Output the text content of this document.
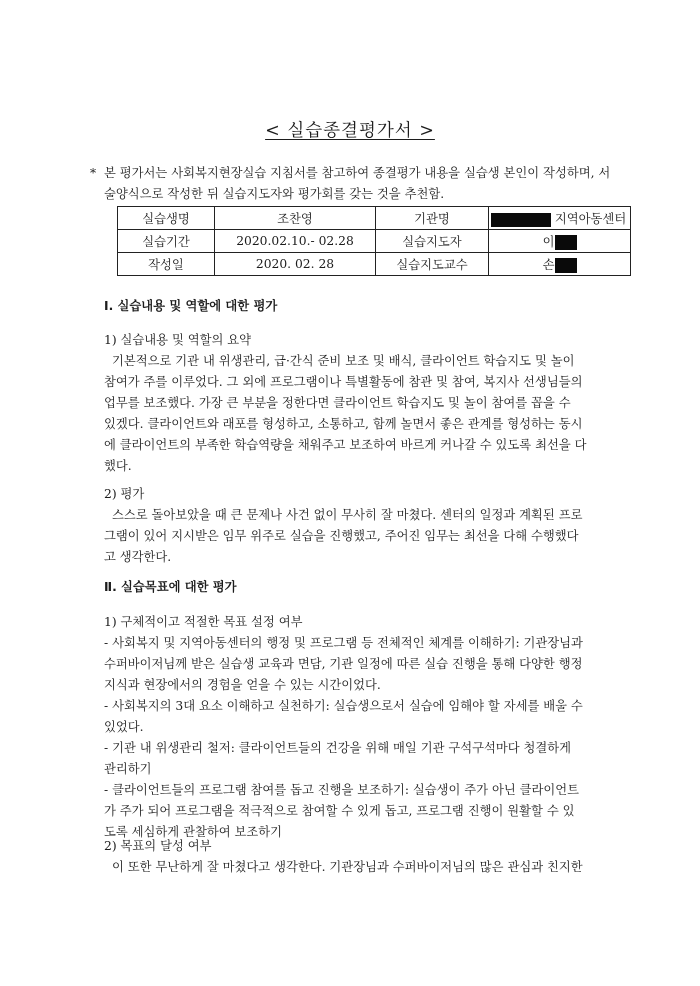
< 실습종결평가서 >
* 본 평가서는 사회복지현장실습 지침서를 참고하여 종결평가 내용을 실습생 본인이 작성하며, 서
술양식으로 작성한 뒤 실습지도자와 평가회를 갖는 것을 추천함.
실습생명	조찬영	기관명	지역아동센터
실습기간	2020.02.10.- 02.28	실습지도자	이
작성일	2020. 02. 28	실습지도교수	손
Ⅰ. 실습내용 및 역할에 대한 평가
1) 실습내용 및 역할의 요약
기본적으로 기관 내 위생관리, 급·간식 준비 보조 및 배식, 클라이언트 학습지도 및 놀이
참여가 주를 이루었다. 그 외에 프로그램이나 특별활동에 참관 및 참여, 복지사 선생님들의
업무를 보조했다. 가장 큰 부분을 정한다면 클라이언트 학습지도 및 놀이 참여를 꼽을 수
있겠다. 클라이언트와 래포를 형성하고, 소통하고, 함께 놀면서 좋은 관계를 형성하는 동시
에 클라이언트의 부족한 학습역량을 채워주고 보조하여 바르게 커나갈 수 있도록 최선을 다
했다.
2) 평가
스스로 돌아보았을 때 큰 문제나 사건 없이 무사히 잘 마쳤다. 센터의 일정과 계획된 프로
그램이 있어 지시받은 임무 위주로 실습을 진행했고, 주어진 임무는 최선을 다해 수행했다
고 생각한다.
Ⅱ. 실습목표에 대한 평가
1) 구체적이고 적절한 목표 설정 여부
- 사회복지 및 지역아동센터의 행정 및 프로그램 등 전체적인 체계를 이해하기: 기관장님과
수퍼바이저님께 받은 실습생 교육과 면담, 기관 일정에 따른 실습 진행을 통해 다양한 행정
지식과 현장에서의 경험을 얻을 수 있는 시간이었다.
- 사회복지의 3대 요소 이해하고 실천하기: 실습생으로서 실습에 임해야 할 자세를 배울 수
있었다.
- 기관 내 위생관리 철저: 클라이언트들의 건강을 위해 매일 기관 구석구석마다 청결하게
관리하기
- 클라이언트들의 프로그램 참여를 돕고 진행을 보조하기: 실습생이 주가 아닌 클라이언트
가 주가 되어 프로그램을 적극적으로 참여할 수 있게 돕고, 프로그램 진행이 원활할 수 있
도록 세심하게 관찰하여 보조하기
2) 목표의 달성 여부
이 또한 무난하게 잘 마쳤다고 생각한다. 기관장님과 수퍼바이저님의 많은 관심과 친지한
